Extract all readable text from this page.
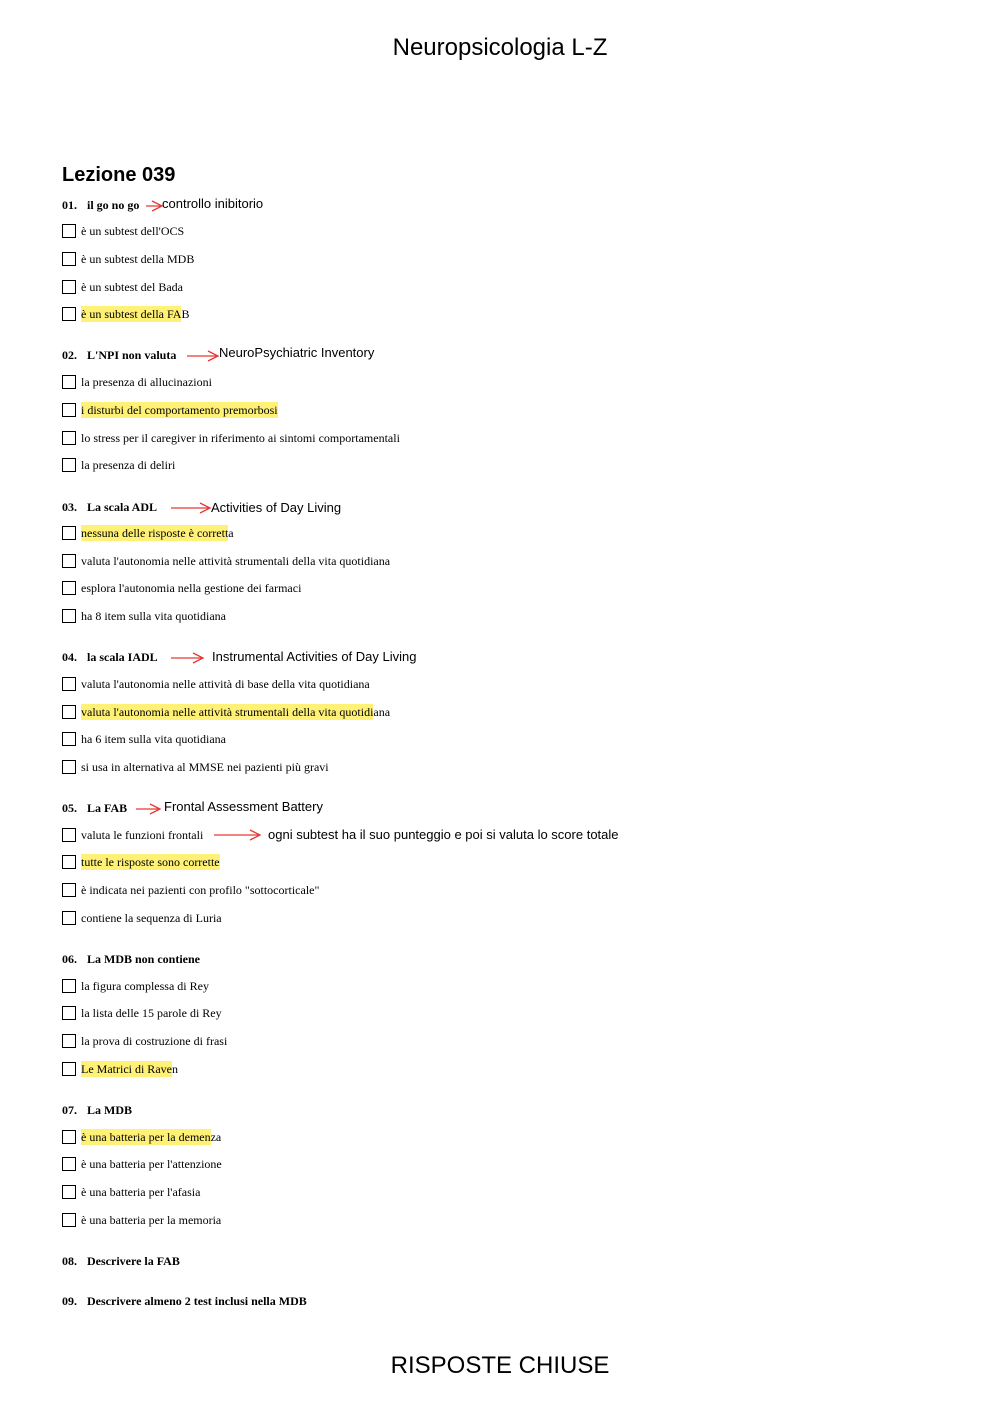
Neuropsicologia L-Z
Lezione 039
01. il go no go controllo inibitorio
è un subtest dell'OCS
è un subtest della MDB
è un subtest del Bada
è un subtest della FA B
02. L'NPI non valuta	NeuroPsychiatric Inventory
la presenza di allucinazioni
i disturbi del comportamento premorbosi
lo stress per il caregiver in riferimento ai sintomi comportamentali
la presenza di deliri
03. La scala ADL	Activities of Day Living
nessuna delle risposte è corrett a
valuta l'autonomia nelle attività strumentali della vita quotidiana
esplora l'autonomia nella gestione dei farmaci
ha 8 item sulla vita quotidiana
04. la scala IADL	Instrumental Activities of Day Living
valuta l'autonomia nelle attività di base della vita quotidiana
valuta l'autonomia nelle attività strumentali della vita quotidi ana
ha 6 item sulla vita quotidiana
si usa in alternativa al MMSE nei pazienti più gravi
05. La FAB	Frontal Assessment Battery
valuta le funzioni frontali	ogni subtest ha il suo punteggio e poi si valuta lo score totale
tutte le risposte sono corrette
è indicata nei pazienti con profilo "sottocorticale"
contiene la sequenza di Luria
06. La MDB non contiene
la figura complessa di Rey
la lista delle 15 parole di Rey
la prova di costruzione di frasi
Le Matrici di Rave n
07. La MDB
è una batteria per la demen za
è una batteria per l'attenzione
è una batteria per l'afasia
è una batteria per la memoria
08. Descrivere la FAB
09. Descrivere almeno 2 test inclusi nella MDB
RISPOSTE CHIUSE
